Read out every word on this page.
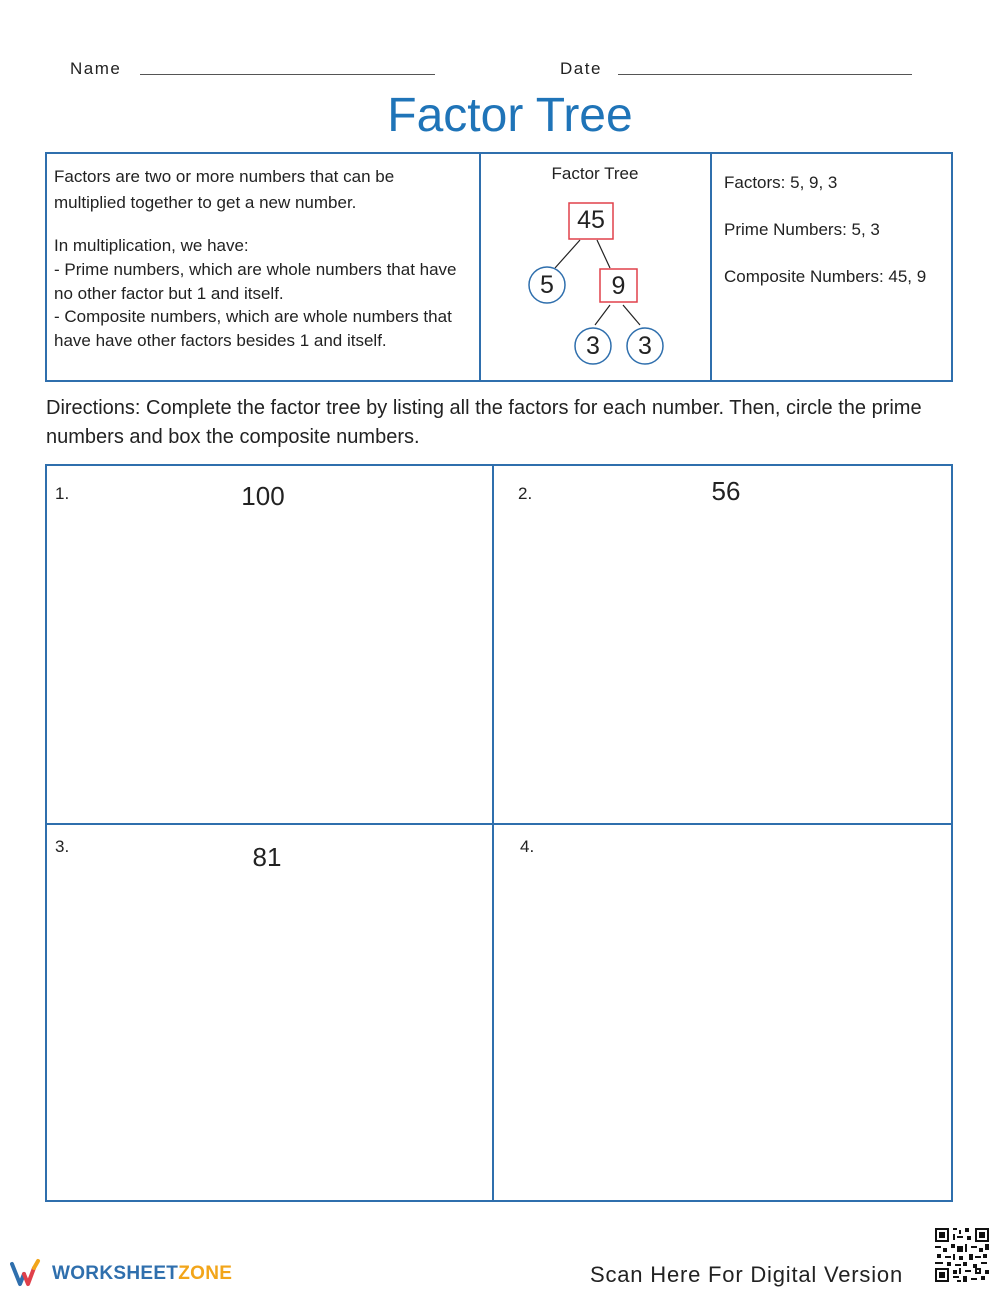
Name	Date
Factor Tree
Factors are two or more numbers that can be multiplied together to get a new number.
In multiplication, we have:
- Prime numbers, which are whole numbers that have no other factor but 1 and itself.
- Composite numbers, which are whole numbers that have have other factors besides 1 and itself.
Factor Tree
45
5	9
3	3
Factors: 5, 9, 3
Prime Numbers: 5, 3
Composite Numbers: 45, 9
Directions: Complete the factor tree by listing all the factors for each number. Then, circle the prime numbers and box the composite numbers.
1.	100	2.	56
3.	81	4.
WORKSHEETZONE	Scan Here For Digital Version
